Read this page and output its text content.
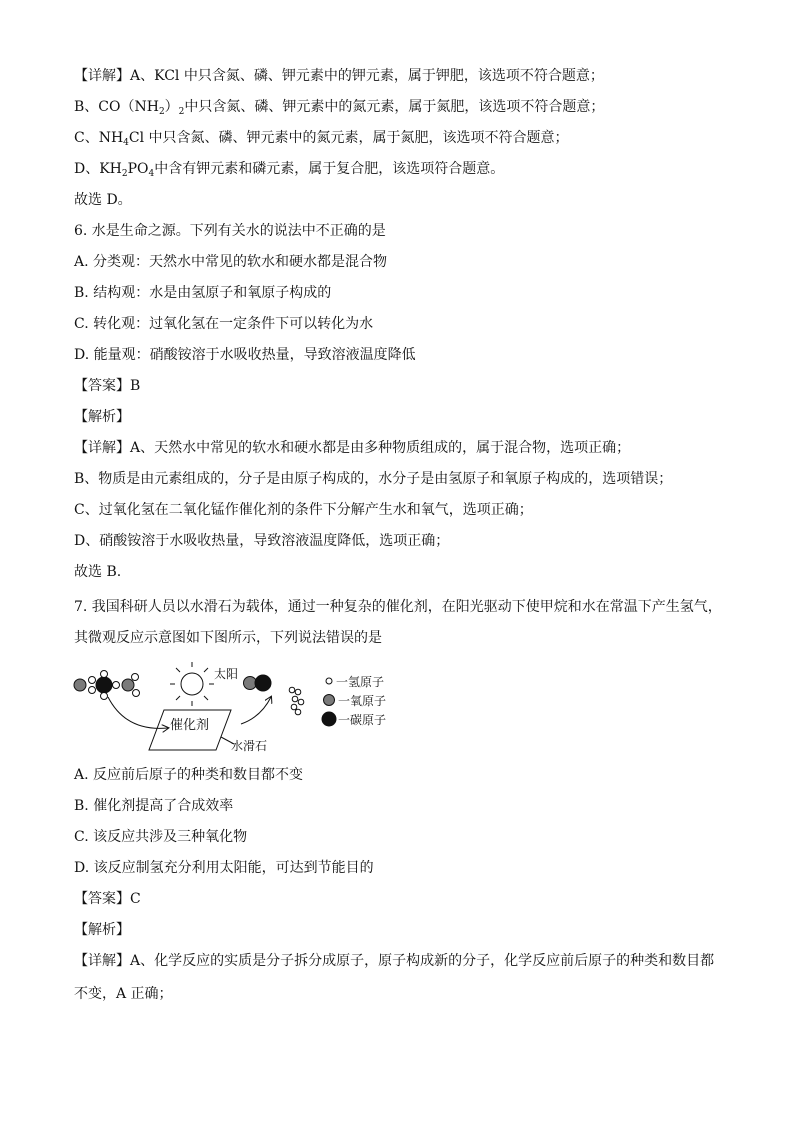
【详解】A、KCl 中只含氮、磷、钾元素中的钾元素，属于钾肥，该选项不符合题意；
B、$CO(NH_2)_2$中只含氮、磷、钾元素中的氮元素，属于氮肥，该选项不符合题意；
C、$NH_4Cl$ 中只含氮、磷、钾元素中的氮元素，属于氮肥，该选项不符合题意；
D、$KH_2PO_4$中含有钾元素和磷元素，属于复合肥，该选项符合题意。
故选 D。
6. 水是生命之源。下列有关水的说法中不正确的是
A. 分类观：天然水中常见的软水和硬水都是混合物
B. 结构观：水是由氢原子和氧原子构成的
C. 转化观：过氧化氢在一定条件下可以转化为水
D. 能量观：硝酸铵溶于水吸收热量，导致溶液温度降低
【答案】B
【解析】
【详解】A、天然水中常见的软水和硬水都是由多种物质组成的，属于混合物，选项正确；
B、物质是由元素组成的，分子是由原子构成的，水分子是由氢原子和氧原子构成的，选项错误；
C、过氧化氢在二氧化锰作催化剂的条件下分解产生水和氧气，选项正确；
D、硝酸铵溶于水吸收热量，导致溶液温度降低，选项正确；
故选 B.
7. 我国科研人员以水滑石为载体，通过一种复杂的催化剂，在阳光驱动下使甲烷和水在常温下产生氢气，
其微观反应示意图如下图所示，下列说法错误的是
太阳
催化剂
水滑石
一氢原子
一氧原子
一碳原子
A. 反应前后原子的种类和数目都不变
B. 催化剂提高了合成效率
C. 该反应共涉及三种氧化物
D. 该反应制氢充分利用太阳能，可达到节能目的
【答案】C
【解析】
【详解】A、化学反应的实质是分子拆分成原子，原子构成新的分子，化学反应前后原子的种类和数目都
不变，A 正确；
